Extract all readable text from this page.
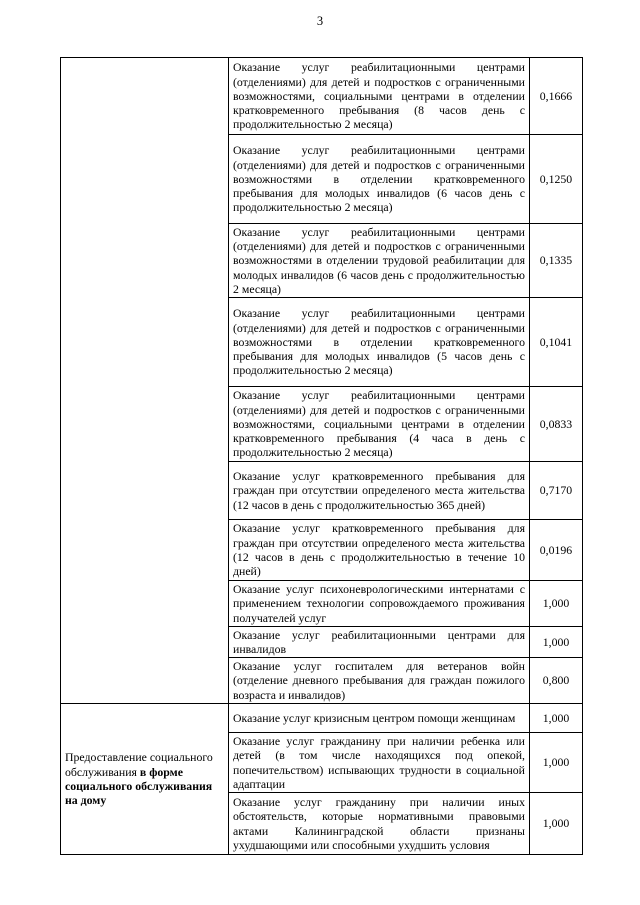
3
	Оказание услуг реабилитационными центрами (отделениями) для детей и подростков с ограниченными возможностями, социальными центрами в отделении кратковременного пребывания (8 часов день с продолжительностью 2 месяца)	0,1666
	Оказание услуг реабилитационными центрами (отделениями) для детей и подростков с ограниченными возможностями в отделении кратковременного пребывания для молодых инвалидов (6 часов день с продолжительностью 2 месяца)	0,1250
	Оказание услуг реабилитационными центрами (отделениями) для детей и подростков с ограниченными возможностями в отделении трудовой реабилитации для молодых инвалидов (6 часов день с продолжительностью 2 месяца)	0,1335
	Оказание услуг реабилитационными центрами (отделениями) для детей и подростков с ограниченными возможностями в отделении кратковременного пребывания для молодых инвалидов (5 часов день с продолжительностью 2 месяца)	0,1041
	Оказание услуг реабилитационными центрами (отделениями) для детей и подростков с ограниченными возможностями, социальными центрами в отделении кратковременного пребывания (4 часа в день с продолжительностью 2 месяца)	0,0833
	Оказание услуг кратковременного пребывания для граждан при отсутствии определеного места жительства (12 часов в день с продолжительностью 365 дней)	0,7170
	Оказание услуг кратковременного пребывания для граждан при отсутствии определеного места жительства (12 часов в день с продолжительностью в течение 10 дней)	0,0196
	Оказание услуг психоневрологическими интернатами с применением технологии сопровождаемого проживания получателей услуг	1,000
	Оказание услуг реабилитационными центрами для инвалидов	1,000
	Оказание услуг госпиталем для ветеранов войн (отделение дневного пребывания для граждан пожилого возраста и инвалидов)	0,800
Предоставление социального обслуживания в форме социального обслуживания на дому	Оказание услуг кризисным центром помощи женщинам	1,000
	Оказание услуг гражданину при наличии ребенка или детей (в том числе находящихся под опекой, попечительством) испывающих трудности в социальной адаптации	1,000
	Оказание услуг гражданину при наличии иных обстоятельств, которые нормативными правовыми актами Калининградской области признаны ухудшающими или способными ухудшить условия	1,000
